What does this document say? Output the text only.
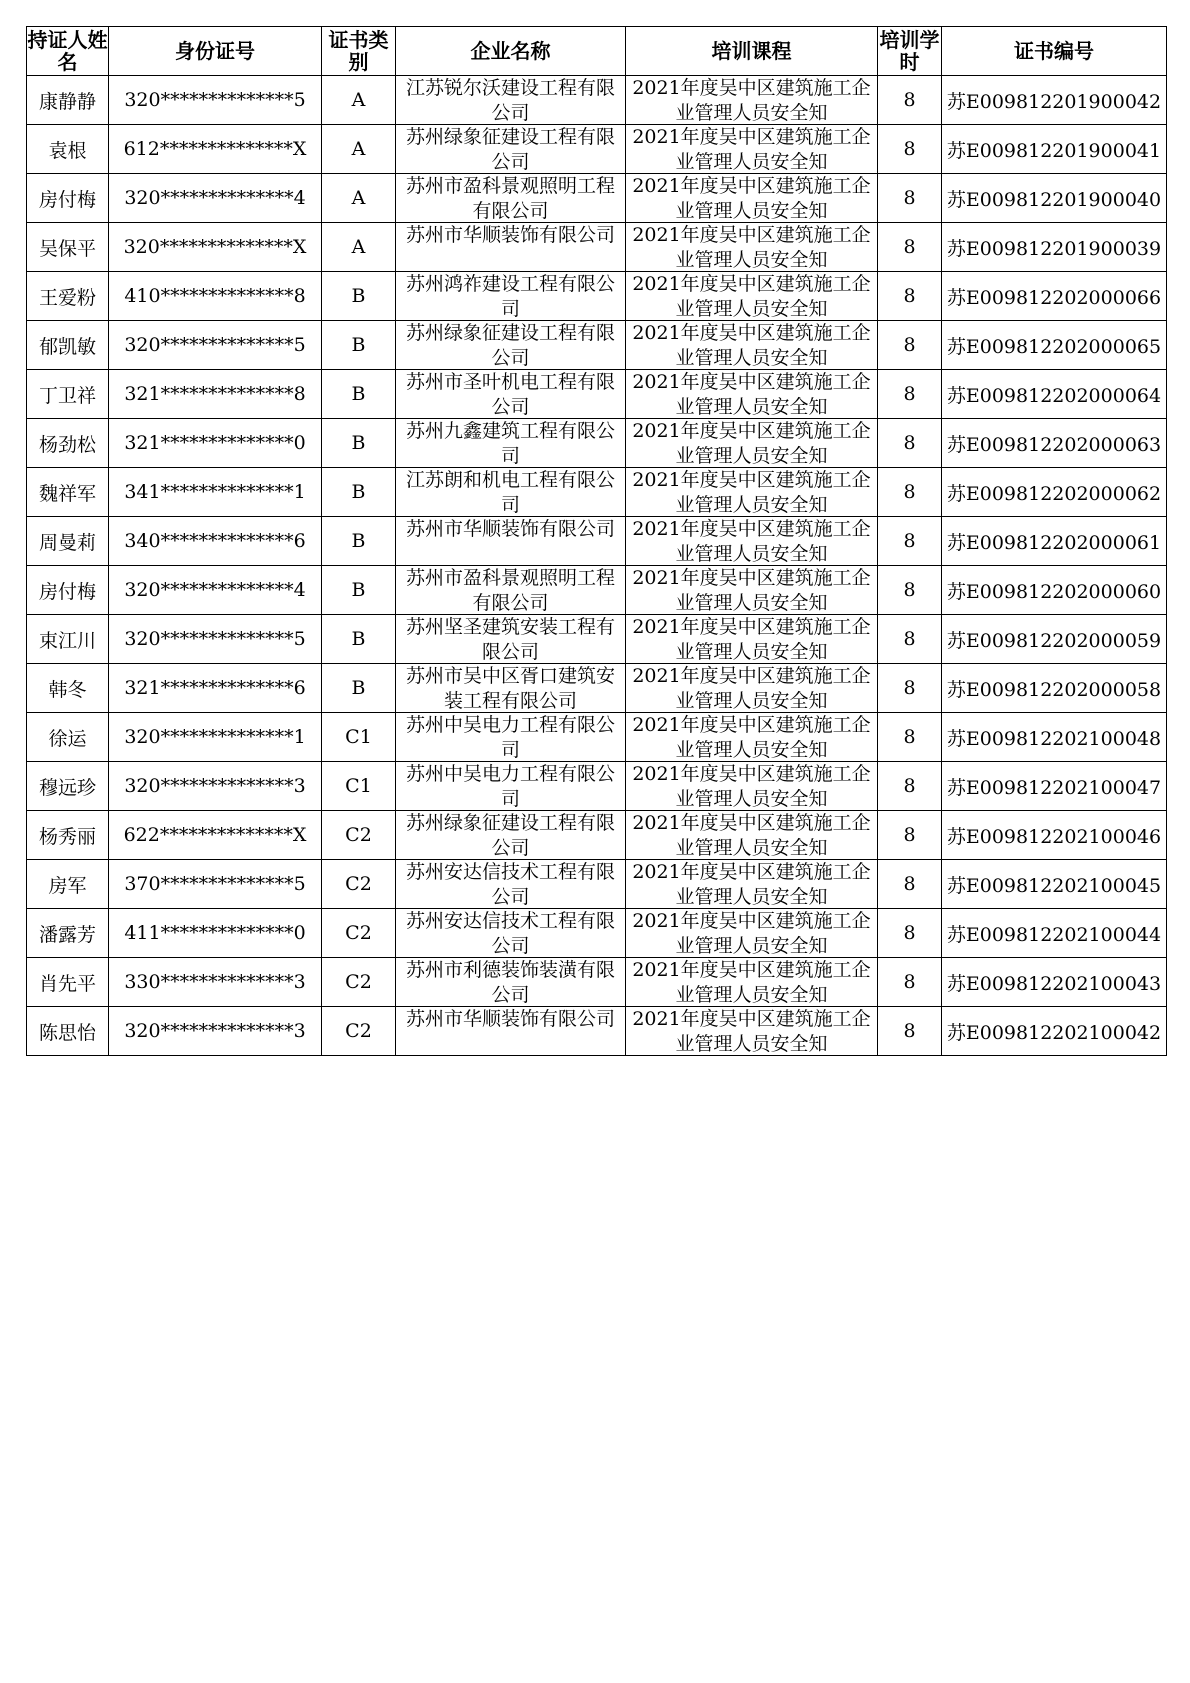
持证人姓名	身份证号	证书类别	企业名称	培训课程	培训学时	证书编号
康静静	320**************5	A	江苏锐尔沃建设工程有限公司	2021年度吴中区建筑施工企业管理人员安全知	8	苏E009812201900042
袁根	612**************X	A	苏州绿象征建设工程有限公司	2021年度吴中区建筑施工企业管理人员安全知	8	苏E009812201900041
房付梅	320**************4	A	苏州市盈科景观照明工程有限公司	2021年度吴中区建筑施工企业管理人员安全知	8	苏E009812201900040
吴保平	320**************X	A	苏州市华顺装饰有限公司	2021年度吴中区建筑施工企业管理人员安全知	8	苏E009812201900039
王爱粉	410**************8	B	苏州鸿祚建设工程有限公司	2021年度吴中区建筑施工企业管理人员安全知	8	苏E009812202000066
郁凯敏	320**************5	B	苏州绿象征建设工程有限公司	2021年度吴中区建筑施工企业管理人员安全知	8	苏E009812202000065
丁卫祥	321**************8	B	苏州市圣叶机电工程有限公司	2021年度吴中区建筑施工企业管理人员安全知	8	苏E009812202000064
杨劲松	321**************0	B	苏州九鑫建筑工程有限公司	2021年度吴中区建筑施工企业管理人员安全知	8	苏E009812202000063
魏祥军	341**************1	B	江苏朗和机电工程有限公司	2021年度吴中区建筑施工企业管理人员安全知	8	苏E009812202000062
周曼莉	340**************6	B	苏州市华顺装饰有限公司	2021年度吴中区建筑施工企业管理人员安全知	8	苏E009812202000061
房付梅	320**************4	B	苏州市盈科景观照明工程有限公司	2021年度吴中区建筑施工企业管理人员安全知	8	苏E009812202000060
束江川	320**************5	B	苏州坚圣建筑安装工程有限公司	2021年度吴中区建筑施工企业管理人员安全知	8	苏E009812202000059
韩冬	321**************6	B	苏州市吴中区胥口建筑安装工程有限公司	2021年度吴中区建筑施工企业管理人员安全知	8	苏E009812202000058
徐运	320**************1	C1	苏州中吴电力工程有限公司	2021年度吴中区建筑施工企业管理人员安全知	8	苏E009812202100048
穆远珍	320**************3	C1	苏州中吴电力工程有限公司	2021年度吴中区建筑施工企业管理人员安全知	8	苏E009812202100047
杨秀丽	622**************X	C2	苏州绿象征建设工程有限公司	2021年度吴中区建筑施工企业管理人员安全知	8	苏E009812202100046
房军	370**************5	C2	苏州安达信技术工程有限公司	2021年度吴中区建筑施工企业管理人员安全知	8	苏E009812202100045
潘露芳	411**************0	C2	苏州安达信技术工程有限公司	2021年度吴中区建筑施工企业管理人员安全知	8	苏E009812202100044
肖先平	330**************3	C2	苏州市利德装饰装潢有限公司	2021年度吴中区建筑施工企业管理人员安全知	8	苏E009812202100043
陈思怡	320**************3	C2	苏州市华顺装饰有限公司	2021年度吴中区建筑施工企业管理人员安全知	8	苏E009812202100042
